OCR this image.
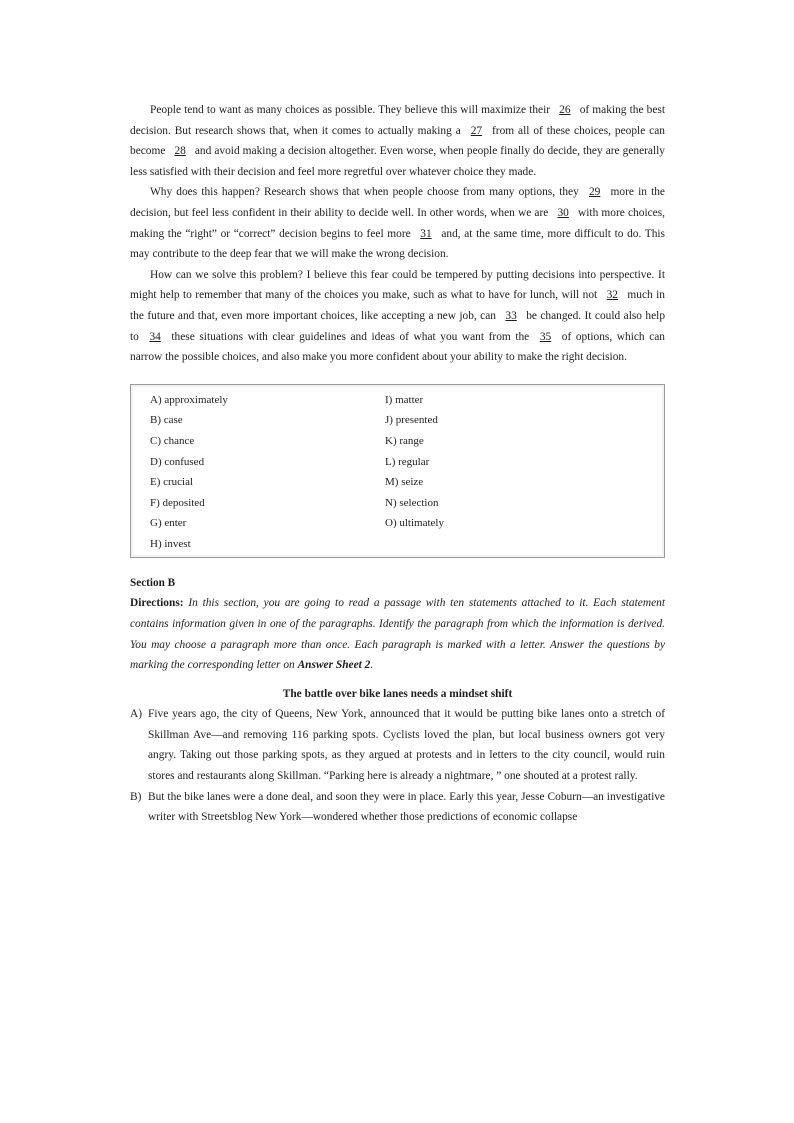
People tend to want as many choices as possible. They believe this will maximize their 26 of making the best decision. But research shows that, when it comes to actually making a 27 from all of these choices, people can become 28 and avoid making a decision altogether. Even worse, when people finally do decide, they are generally less satisfied with their decision and feel more regretful over whatever choice they made.

Why does this happen? Research shows that when people choose from many options, they 29 more in the decision, but feel less confident in their ability to decide well. In other words, when we are 30 with more choices, making the “right” or “correct” decision begins to feel more 31 and, at the same time, more difficult to do. This may contribute to the deep fear that we will make the wrong decision.

How can we solve this problem? I believe this fear could be tempered by putting decisions into perspective. It might help to remember that many of the choices you make, such as what to have for lunch, will not 32 much in the future and that, even more important choices, like accepting a new job, can 33 be changed. It could also help to 34 these situations with clear guidelines and ideas of what you want from the 35 of options, which can narrow the possible choices, and also make you more confident about your ability to make the right decision.

A) approximately
B) case
C) chance
D) confused
E) crucial
F) deposited
G) enter
H) invest
I) matter
J) presented
K) range
L) regular
M) seize
N) selection
O) ultimately
Section B

Directions: In this section, you are going to read a passage with ten statements attached to it. Each statement contains information given in one of the paragraphs. Identify the paragraph from which the information is derived. You may choose a paragraph more than once. Each paragraph is marked with a letter. Answer the questions by marking the corresponding letter on Answer Sheet 2.

The battle over bike lanes needs a mindset shift
A) Five years ago, the city of Queens, New York, announced that it would be putting bike lanes onto a stretch of Skillman Ave—and removing 116 parking spots. Cyclists loved the plan, but local business owners got very angry. Taking out those parking spots, as they argued at protests and in letters to the city council, would ruin stores and restaurants along Skillman. “Parking here is already a nightmare, ” one shouted at a protest rally.
B) But the bike lanes were a done deal, and soon they were in place. Early this year, Jesse Coburn—an investigative writer with Streetsblog New York—wondered whether those predictions of economic collapse
